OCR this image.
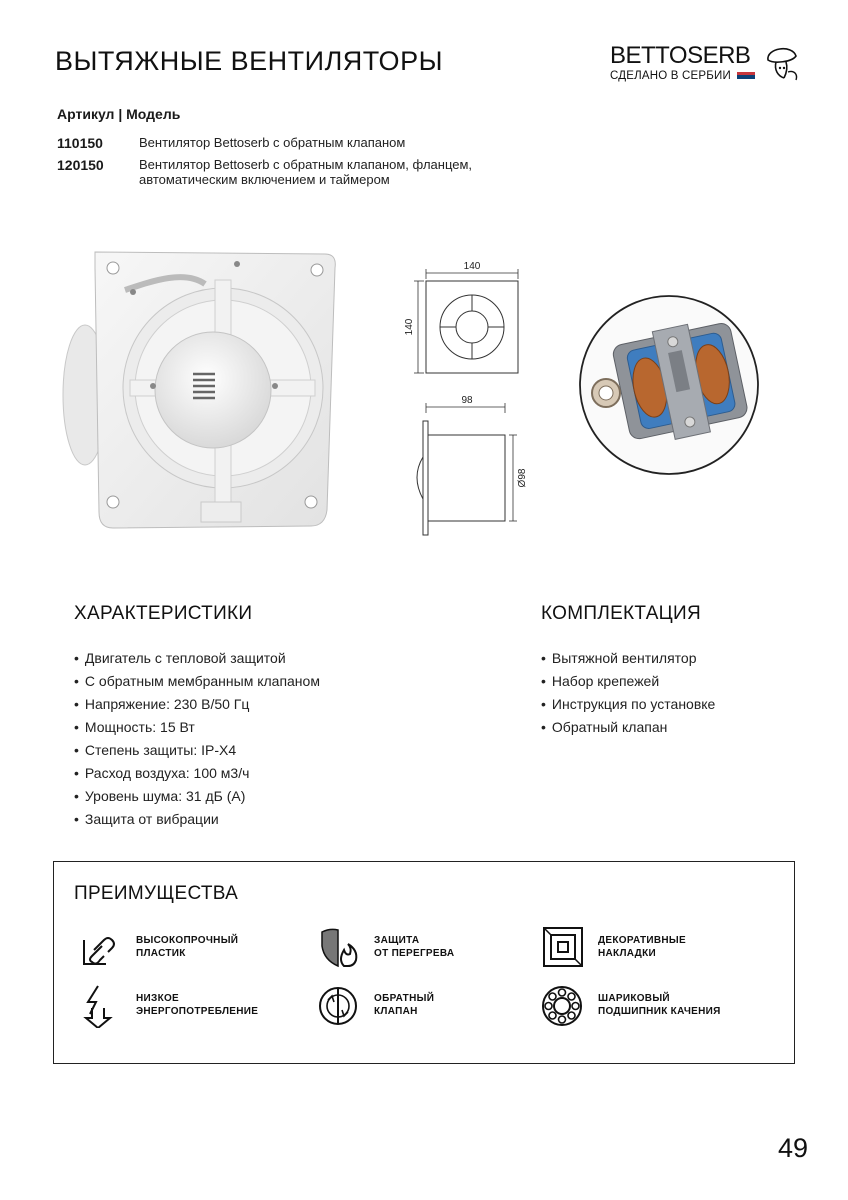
ВЫТЯЖНЫЕ ВЕНТИЛЯТОРЫ	BETTOSERB
СДЕЛАНО В СЕРБИИ
Артикул | Модель
110150	Вентилятор Bettoserb с обратным клапаном
120150	Вентилятор Bettoserb с обратным клапаном, фланцем, автоматическим включением и таймером
140
140
98
Ø98
ХАРАКТЕРИСТИКИ
• Двигатель с тепловой защитой
• С обратным мембранным клапаном
• Напряжение: 230 В/50 Гц
• Мощность: 15 Вт
• Степень защиты: IP-X4
• Расход воздуха: 100 м3/ч
• Уровень шума: 31 дБ (А)
• Защита от вибрации
КОМПЛЕКТАЦИЯ
• Вытяжной вентилятор
• Набор крепежей
• Инструкция по установке
• Обратный клапан
ПРЕИМУЩЕСТВА
ВЫСОКОПРОЧНЫЙ
ПЛАСТИК
ЗАЩИТА
ОТ ПЕРЕГРЕВА
ДЕКОРАТИВНЫЕ
НАКЛАДКИ
НИЗКОЕ
ЭНЕРГОПОТРЕБЛЕНИЕ
ОБРАТНЫЙ
КЛАПАН
ШАРИКОВЫЙ
ПОДШИПНИК КАЧЕНИЯ
49
